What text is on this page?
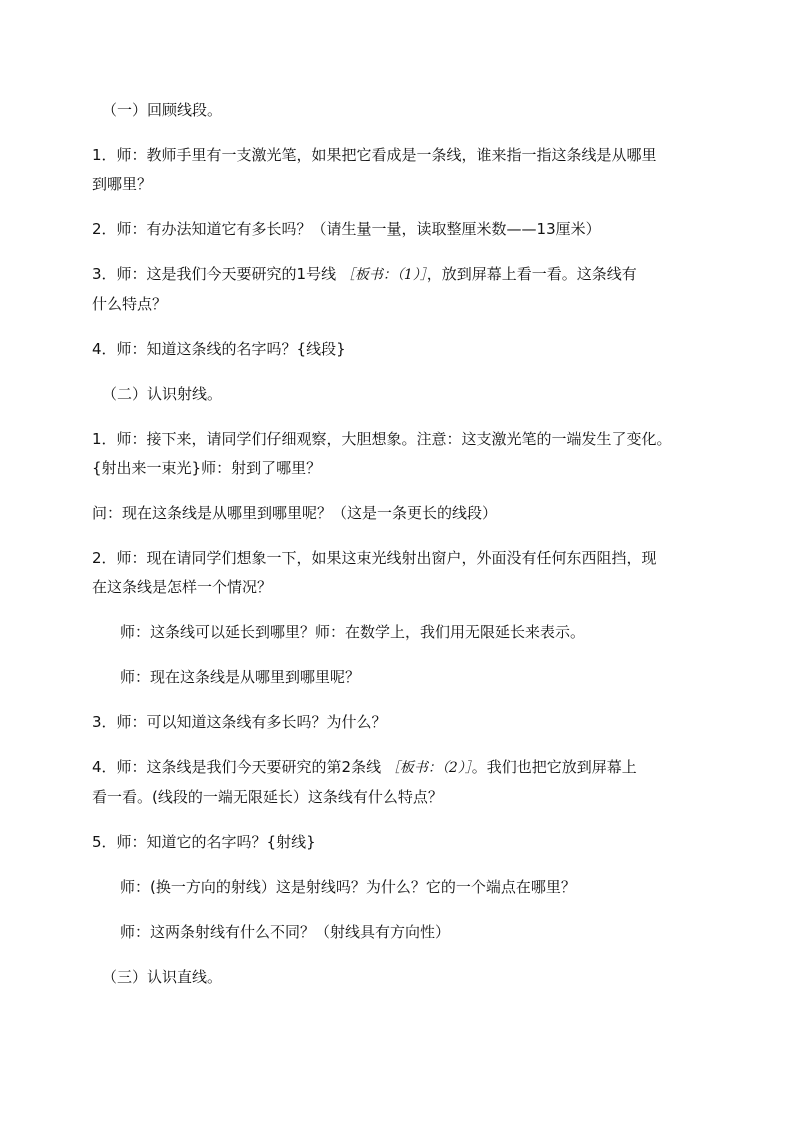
（一）回顾线段。
1．师：教师手里有一支激光笔，如果把它看成是一条线，谁来指一指这条线是从哪里
到哪里？
2．师：有办法知道它有多长吗？（请生量一量，读取整厘米数——13厘米）
3．师：这是我们今天要研究的1号线 ［板书：（1）］，放到屏幕上看一看。这条线有
什么特点？
4．师：知道这条线的名字吗？{线段}
（二）认识射线。
1．师：接下来，请同学们仔细观察，大胆想象。注意：这支激光笔的一端发生了变化。
{射出来一束光}师：射到了哪里？
问：现在这条线是从哪里到哪里呢？（这是一条更长的线段）
2．师：现在请同学们想象一下，如果这束光线射出窗户，外面没有任何东西阻挡，现
在这条线是怎样一个情况？
师：这条线可以延长到哪里？师：在数学上，我们用无限延长来表示。
师：现在这条线是从哪里到哪里呢？
3．师：可以知道这条线有多长吗？为什么？
4．师：这条线是我们今天要研究的第2条线 ［板书：（2）］。我们也把它放到屏幕上
看一看。(线段的一端无限延长）这条线有什么特点？
5．师：知道它的名字吗？{射线}
师：(换一方向的射线）这是射线吗？为什么？它的一个端点在哪里？
师：这两条射线有什么不同？（射线具有方向性）
（三）认识直线。
